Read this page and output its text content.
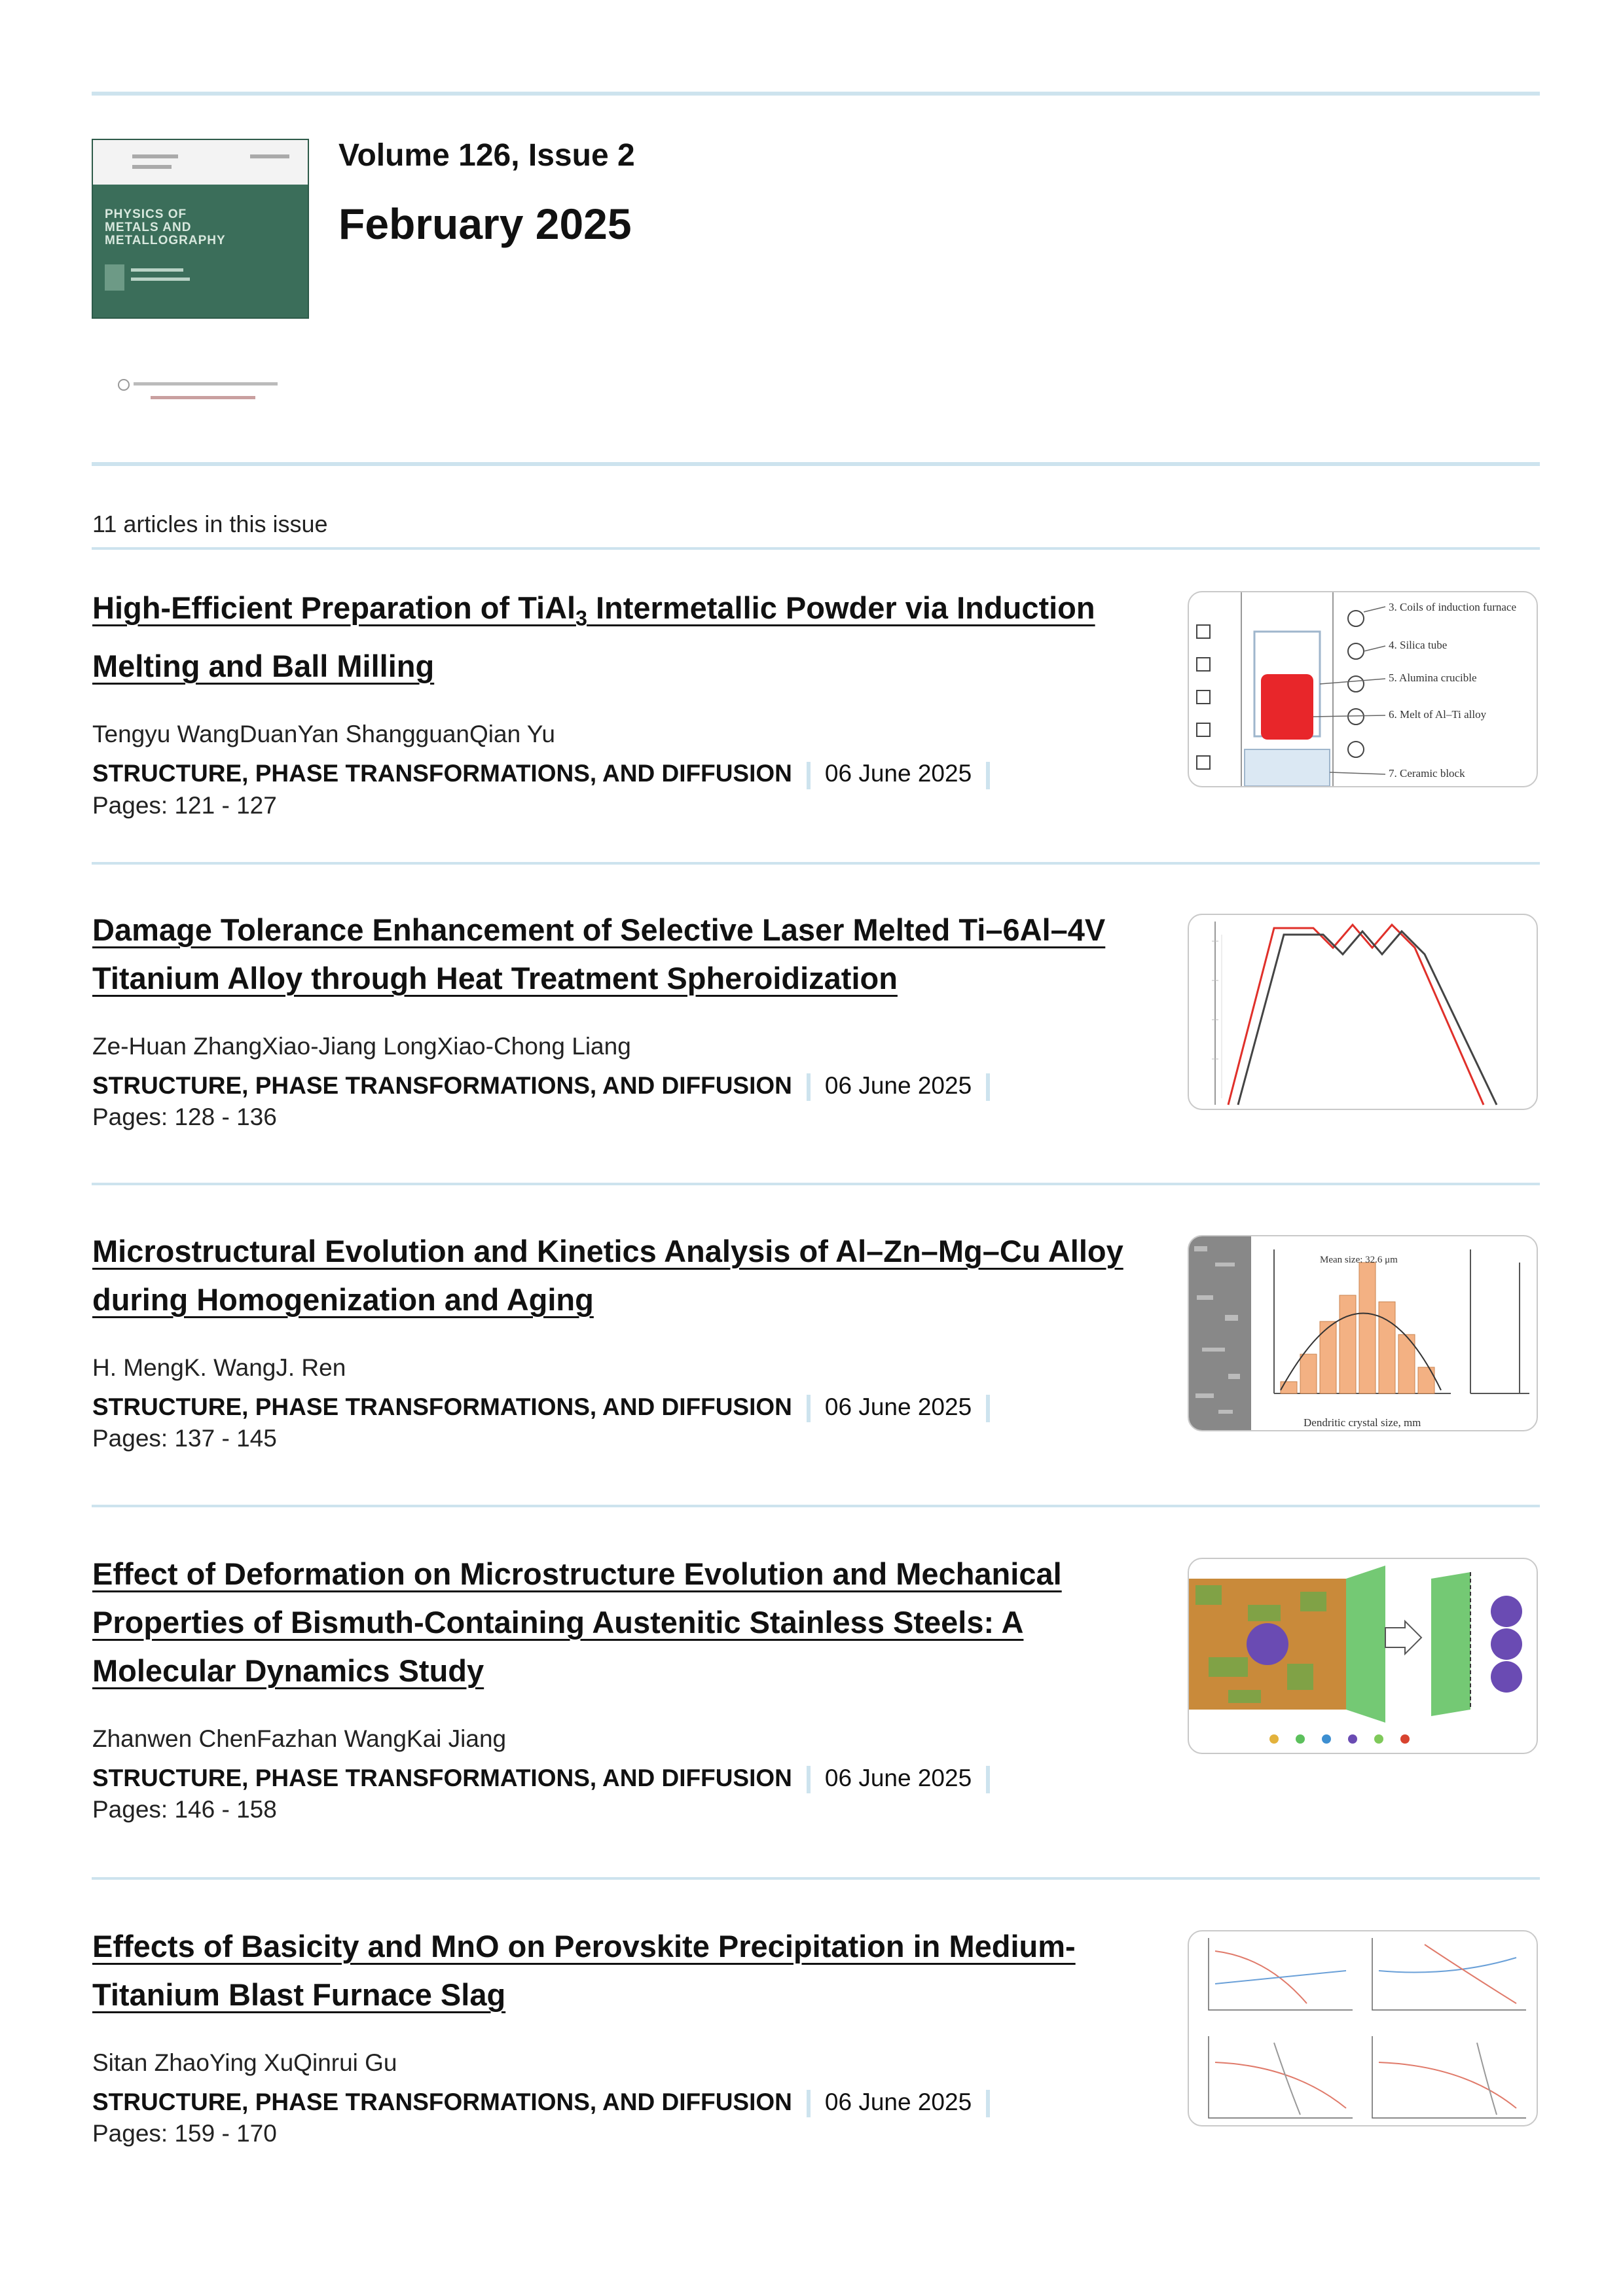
PHYSICS OF METALS AND METALLOGRAPHY
Volume 126, Issue 2
February 2025
11 articles in this issue
High-Efficient Preparation of TiAl$_3$ Intermetallic Powder via Induction Melting and Ball Milling
Tengyu WangDuanYan ShangguanQian Yu
STRUCTURE, PHASE TRANSFORMATIONS, AND DIFFUSION 06 June 2025
Pages: 121 - 127
3. Coils of induction furnace
4. Silica tube
5. Alumina crucible
6. Melt of Al–Ti alloy
7. Ceramic block
Damage Tolerance Enhancement of Selective Laser Melted Ti–6Al–4V Titanium Alloy through Heat Treatment Spheroidization
Ze-Huan ZhangXiao-Jiang LongXiao-Chong Liang
STRUCTURE, PHASE TRANSFORMATIONS, AND DIFFUSION 06 June 2025
Pages: 128 - 136
Microstructural Evolution and Kinetics Analysis of Al–Zn–Mg–Cu Alloy during Homogenization and Aging
H. MengK. WangJ. Ren
STRUCTURE, PHASE TRANSFORMATIONS, AND DIFFUSION 06 June 2025
Pages: 137 - 145
Mean size: 32.6 μm
Dendritic crystal size, mm
Effect of Deformation on Microstructure Evolution and Mechanical Properties of Bismuth-Containing Austenitic Stainless Steels: A Molecular Dynamics Study
Zhanwen ChenFazhan WangKai Jiang
STRUCTURE, PHASE TRANSFORMATIONS, AND DIFFUSION 06 June 2025
Pages: 146 - 158
Effects of Basicity and MnO on Perovskite Precipitation in Medium-Titanium Blast Furnace Slag
Sitan ZhaoYing XuQinrui Gu
STRUCTURE, PHASE TRANSFORMATIONS, AND DIFFUSION 06 June 2025
Pages: 159 - 170
